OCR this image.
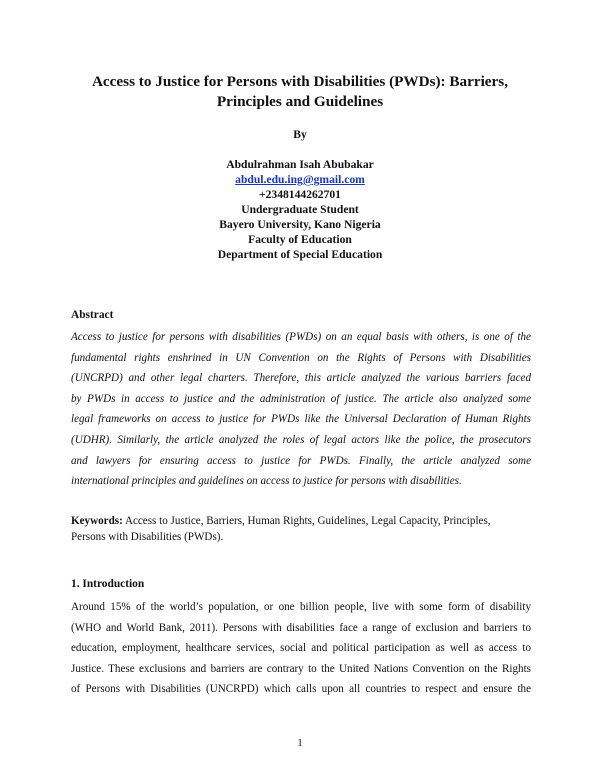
Access to Justice for Persons with Disabilities (PWDs): Barriers,
Principles and Guidelines
By
Abdulrahman Isah Abubakar
abdul.edu.ing@gmail.com
+2348144262701
Undergraduate Student
Bayero University, Kano Nigeria
Faculty of Education
Department of Special Education
Abstract
Access to justice for persons with disabilities (PWDs) on an equal basis with others, is one of the
fundamental rights enshrined in UN Convention on the Rights of Persons with Disabilities
(UNCRPD) and other legal charters. Therefore, this article analyzed the various barriers faced
by PWDs in access to justice and the administration of justice. The article also analyzed some
legal frameworks on access to justice for PWDs like the Universal Declaration of Human Rights
(UDHR). Similarly, the article analyzed the roles of legal actors like the police, the prosecutors
and lawyers for ensuring access to justice for PWDs. Finally, the article analyzed some
international principles and guidelines on access to justice for persons with disabilities.
Keywords: Access to Justice, Barriers, Human Rights, Guidelines, Legal Capacity, Principles,
Persons with Disabilities (PWDs).
1. Introduction
Around 15% of the world’s population, or one billion people, live with some form of disability
(WHO and World Bank, 2011). Persons with disabilities face a range of exclusion and barriers to
education, employment, healthcare services, social and political participation as well as access to
Justice. These exclusions and barriers are contrary to the United Nations Convention on the Rights
of Persons with Disabilities (UNCRPD) which calls upon all countries to respect and ensure the
1
